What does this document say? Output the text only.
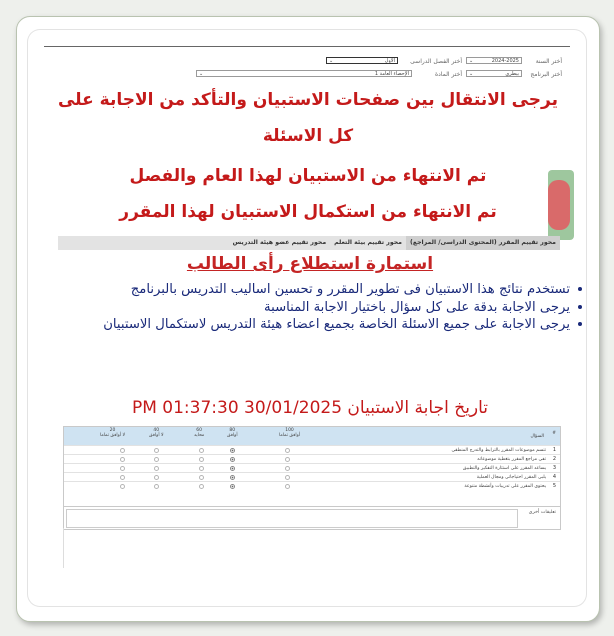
أختر السنة
2024-2025
⌄
أختر الفصل الدراسى
الأول
⌄
أختر البرنامج
بيطري
⌄
أختر المادة
الإحصاء العامة 1
⌄
يرجى الانتقال بين صفحات الاستبيان والتأكد من الاجابة على
كل الاسئلة
تم الانتهاء من الاستبيان لهذا العام والفصل
تم الانتهاء من استكمال الاستبيان لهذا المقرر
محور تقييم المقرر (المحتوى الدراسى/ المراجع)
محور تقييم بيئة التعلم
محور تقييم عضو هيئة التدريس
استمارة استطلاع رأى الطالب
تستخدم نتائج هذا الاستبيان فى تطوير المقرر و تحسين اساليب التدريس بالبرنامج
يرجى الاجابة بدقة على كل سؤال باختيار الاجابة المناسبة
يرجى الاجابة على جميع الاسئلة الخاصة بجميع اعضاء هيئة التدريس لاستكمال الاستبيان
تاريخ اجابة الاستبيان 30/01/2025 01:37:30 PM
#
السؤال
100
أوافق تماما
80
أوافق
60
محايد
40
لا أوافق
20
لا أوافق تماما
1
تتسم موضوعات المقرر بالترابط والتدرج المنطقى
2
تفى مراجع المقرر بتغطية موضوعاته
3
يساعد المقرر على استثارة التفكير والتطبيق
4
يلبى المقرر احتياجاتى ومجال العملية
5
يحتوى المقرر على تدريبات وأنشطة متنوعة
تعليقات أخرى
